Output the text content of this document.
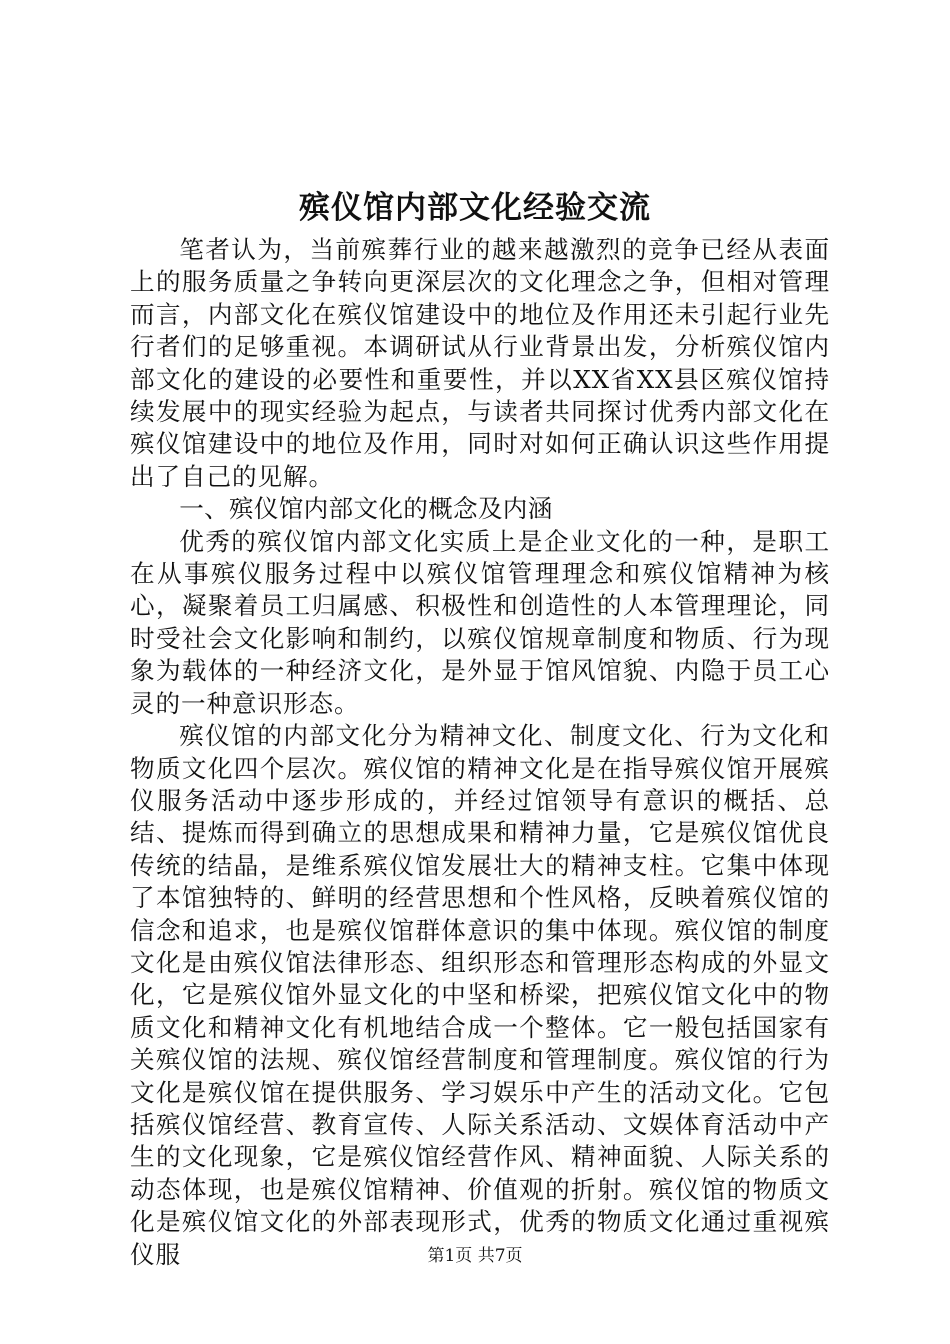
殡仪馆内部文化经验交流

笔者认为，当前殡葬行业的越来越激烈的竞争已经从表面上的服务质量之争转向更深层次的文化理念之争，但相对管理而言，内部文化在殡仪馆建设中的地位及作用还未引起行业先行者们的足够重视。本调研试从行业背景出发，分析殡仪馆内部文化的建设的必要性和重要性，并以XX省XX县区殡仪馆持续发展中的现实经验为起点，与读者共同探讨优秀内部文化在殡仪馆建设中的地位及作用，同时对如何正确认识这些作用提出了自己的见解。

一、殡仪馆内部文化的概念及内涵

优秀的殡仪馆内部文化实质上是企业文化的一种，是职工在从事殡仪服务过程中以殡仪馆管理理念和殡仪馆精神为核心，凝聚着员工归属感、积极性和创造性的人本管理理论，同时受社会文化影响和制约，以殡仪馆规章制度和物质、行为现象为载体的一种经济文化，是外显于馆风馆貌、内隐于员工心灵的一种意识形态。

殡仪馆的内部文化分为精神文化、制度文化、行为文化和物质文化四个层次。殡仪馆的精神文化是在指导殡仪馆开展殡仪服务活动中逐步形成的，并经过馆领导有意识的概括、总结、提炼而得到确立的思想成果和精神力量，它是殡仪馆优良传统的结晶，是维系殡仪馆发展壮大的精神支柱。它集中体现了本馆独特的、鲜明的经营思想和个性风格，反映着殡仪馆的信念和追求，也是殡仪馆群体意识的集中体现。殡仪馆的制度文化是由殡仪馆法律形态、组织形态和管理形态构成的外显文化，它是殡仪馆外显文化的中坚和桥梁，把殡仪馆文化中的物质文化和精神文化有机地结合成一个整体。它一般包括国家有关殡仪馆的法规、殡仪馆经营制度和管理制度。殡仪馆的行为文化是殡仪馆在提供服务、学习娱乐中产生的活动文化。它包括殡仪馆经营、教育宣传、人际关系活动、文娱体育活动中产生的文化现象，它是殡仪馆经营作风、精神面貌、人际关系的动态体现，也是殡仪馆精神、价值观的折射。殡仪馆的物质文化是殡仪馆文化的外部表现形式，优秀的物质文化通过重视殡仪服	第1页 共7页
